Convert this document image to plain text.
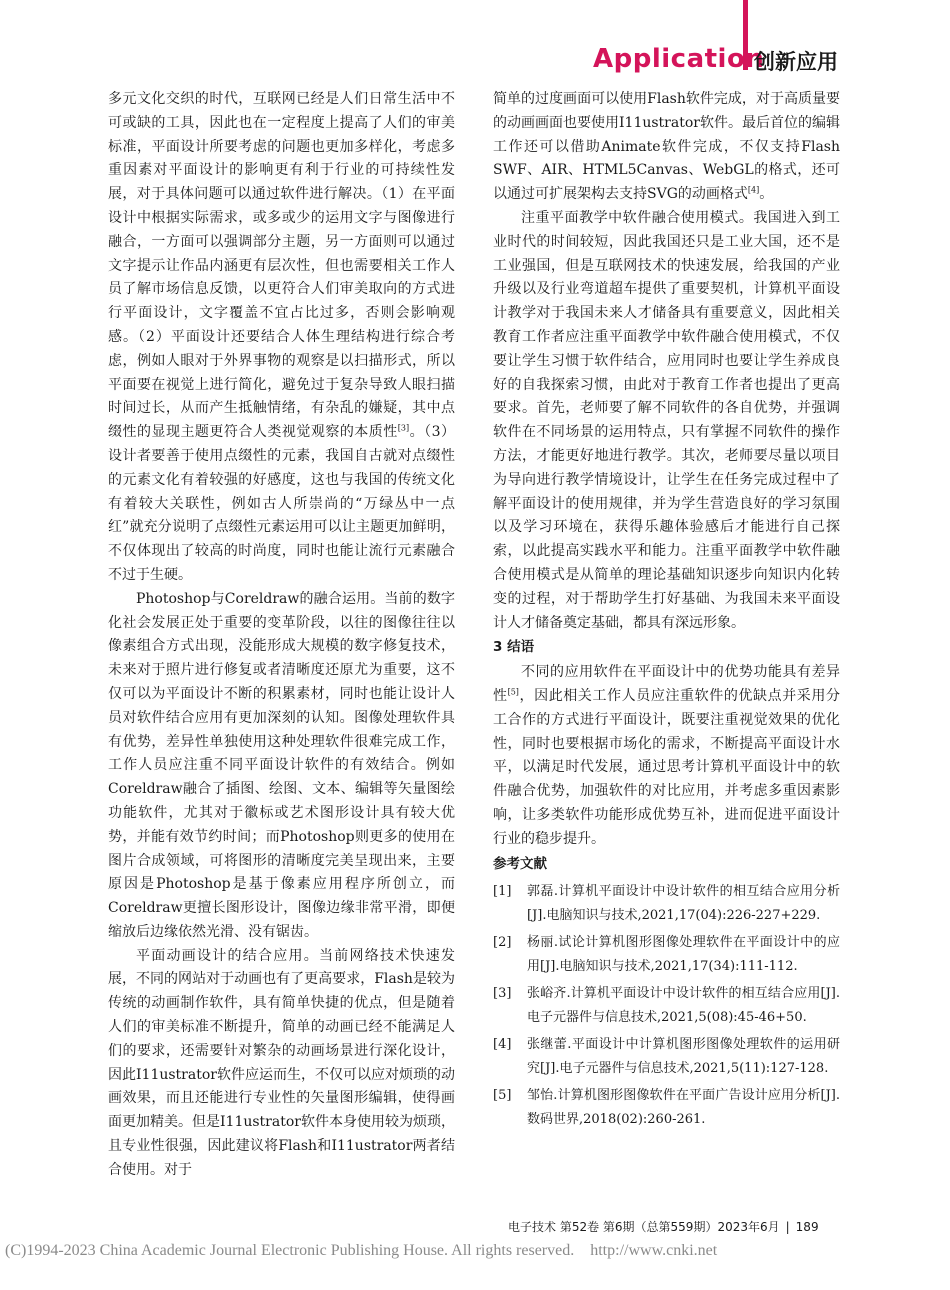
Application
创新应用

多元文化交织的时代，互联网已经是人们日常生活中不可或缺的工具，因此也在一定程度上提高了人们的审美标准，平面设计所要考虑的问题也更加多样化，考虑多重因素对平面设计的影响更有利于行业的可持续性发展，对于具体问题可以通过软件进行解决。（1）在平面设计中根据实际需求，或多或少的运用文字与图像进行融合，一方面可以强调部分主题，另一方面则可以通过文字提示让作品内涵更有层次性，但也需要相关工作人员了解市场信息反馈，以更符合人们审美取向的方式进行平面设计，文字覆盖不宜占比过多，否则会影响观感。（2）平面设计还要结合人体生理结构进行综合考虑，例如人眼对于外界事物的观察是以扫描形式，所以平面要在视觉上进行简化，避免过于复杂导致人眼扫描时间过长，从而产生抵触情绪，有杂乱的嫌疑，其中点缀性的显现主题更符合人类视觉观察的本质性[3]。（3）设计者要善于使用点缀性的元素，我国自古就对点缀性的元素文化有着较强的好感度，这也与我国的传统文化有着较大关联性，例如古人所崇尚的“万绿丛中一点红”就充分说明了点缀性元素运用可以让主题更加鲜明，不仅体现出了较高的时尚度，同时也能让流行元素融合不过于生硬。

Photoshop与Coreldraw的融合运用。当前的数字化社会发展正处于重要的变革阶段，以往的图像往往以像素组合方式出现，没能形成大规模的数字修复技术，未来对于照片进行修复或者清晰度还原尤为重要，这不仅可以为平面设计不断的积累素材，同时也能让设计人员对软件结合应用有更加深刻的认知。图像处理软件具有优势，差异性单独使用这种处理软件很难完成工作，工作人员应注重不同平面设计软件的有效结合。例如Coreldraw融合了插图、绘图、文本、编辑等矢量图绘功能软件，尤其对于徽标或艺术图形设计具有较大优势，并能有效节约时间；而Photoshop则更多的使用在图片合成领域，可将图形的清晰度完美呈现出来，主要原因是Photoshop是基于像素应用程序所创立，而Coreldraw更擅长图形设计，图像边缘非常平滑，即便缩放后边缘依然光滑、没有锯齿。

平面动画设计的结合应用。当前网络技术快速发展，不同的网站对于动画也有了更高要求，Flash是较为传统的动画制作软件，具有简单快捷的优点，但是随着人们的审美标准不断提升，简单的动画已经不能满足人们的要求，还需要针对繁杂的动画场景进行深化设计，因此I11ustrator软件应运而生，不仅可以应对烦琐的动画效果，而且还能进行专业性的矢量图形编辑，使得画面更加精美。但是I11ustrator软件本身使用较为烦琐，且专业性很强，因此建议将Flash和I11ustrator两者结合使用。对于

简单的过度画面可以使用Flash软件完成，对于高质量要的动画画面也要使用I11ustrator软件。最后首位的编辑工作还可以借助Animate软件完成，不仅支持Flash SWF、AIR、HTML5Canvas、WebGL的格式，还可以通过可扩展架构去支持SVG的动画格式[4]。

注重平面教学中软件融合使用模式。我国进入到工业时代的时间较短，因此我国还只是工业大国，还不是工业强国，但是互联网技术的快速发展，给我国的产业升级以及行业弯道超车提供了重要契机，计算机平面设计教学对于我国未来人才储备具有重要意义，因此相关教育工作者应注重平面教学中软件融合使用模式，不仅要让学生习惯于软件结合，应用同时也要让学生养成良好的自我探索习惯，由此对于教育工作者也提出了更高要求。首先，老师要了解不同软件的各自优势，并强调软件在不同场景的运用特点，只有掌握不同软件的操作方法，才能更好地进行教学。其次，老师要尽量以项目为导向进行教学情境设计，让学生在任务完成过程中了解平面设计的使用规律，并为学生营造良好的学习氛围以及学习环境在，获得乐趣体验感后才能进行自己探索，以此提高实践水平和能力。注重平面教学中软件融合使用模式是从简单的理论基础知识逐步向知识内化转变的过程，对于帮助学生打好基础、为我国未来平面设计人才储备奠定基础，都具有深远形象。

3 结语

不同的应用软件在平面设计中的优势功能具有差异性[5]，因此相关工作人员应注重软件的优缺点并采用分工合作的方式进行平面设计，既要注重视觉效果的优化性，同时也要根据市场化的需求，不断提高平面设计水平，以满足时代发展，通过思考计算机平面设计中的软件融合优势，加强软件的对比应用，并考虑多重因素影响，让多类软件功能形成优势互补，进而促进平面设计行业的稳步提升。

参考文献
[1]	郭磊.计算机平面设计中设计软件的相互结合应用分析[J].电脑知识与技术,2021,17(04):226-227+229.
[2]	杨丽.试论计算机图形图像处理软件在平面设计中的应用[J].电脑知识与技术,2021,17(34):111-112.
[3]	张峪齐.计算机平面设计中设计软件的相互结合应用[J].电子元器件与信息技术,2021,5(08):45-46+50.
[4]	张继蕾.平面设计中计算机图形图像处理软件的运用研究[J].电子元器件与信息技术,2021,5(11):127-128.
[5]	邹怡.计算机图形图像软件在平面广告设计应用分析[J].数码世界,2018(02):260-261.
电子技术 第52卷 第6期（总第559期）2023年6月 | 189
(C)1994-2023 China Academic Journal Electronic Publishing House. All rights reserved. http://www.cnki.net
